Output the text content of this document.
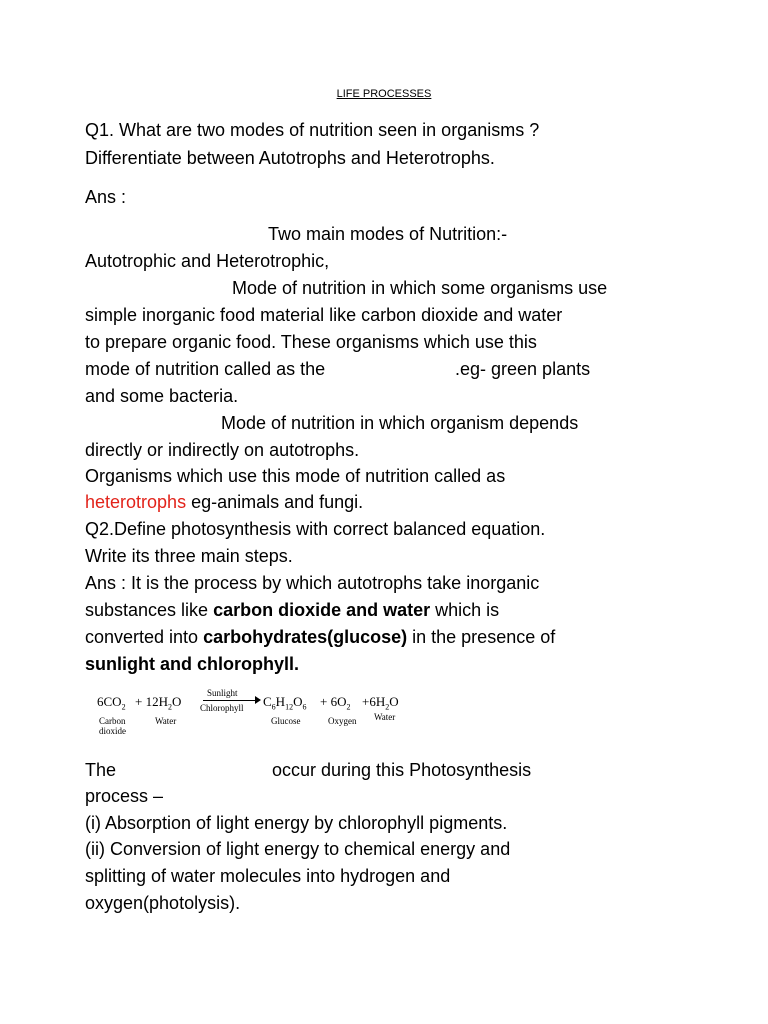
LIFE PROCESSES
Q1. What are two modes of nutrition seen in organisms ?
Differentiate between Autotrophs and Heterotrophs.
Ans :
Two main modes of Nutrition:-
Autotrophic and Heterotrophic,
Mode of nutrition in which some organisms use
simple inorganic food material like carbon dioxide and water
to prepare organic food. These organisms which use this
mode of nutrition called as the	.eg- green plants
and some bacteria.
Mode of nutrition in which organism depends
directly or indirectly on autotrophs.
Organisms which use this mode of nutrition called as
heterotrophs eg-animals and fungi.
Q2.Define photosynthesis with correct balanced equation.
Write its three main steps.
Ans : It is the process by which autotrophs take inorganic
substances like carbon dioxide and water which is
converted into carbohydrates(glucose) in the presence of
sunlight and chlorophyll.
$6CO_2 + 12H_2O$
Sunlight
Chlorophyll $C_6H_{12}O_6 + 6O_2 +6H_2O$
Carbon
dioxide
Water	Glucose	Oxygen Water
The	occur during this Photosynthesis
process –
(i) Absorption of light energy by chlorophyll pigments.
(ii) Conversion of light energy to chemical energy and
splitting of water molecules into hydrogen and
oxygen(photolysis).
